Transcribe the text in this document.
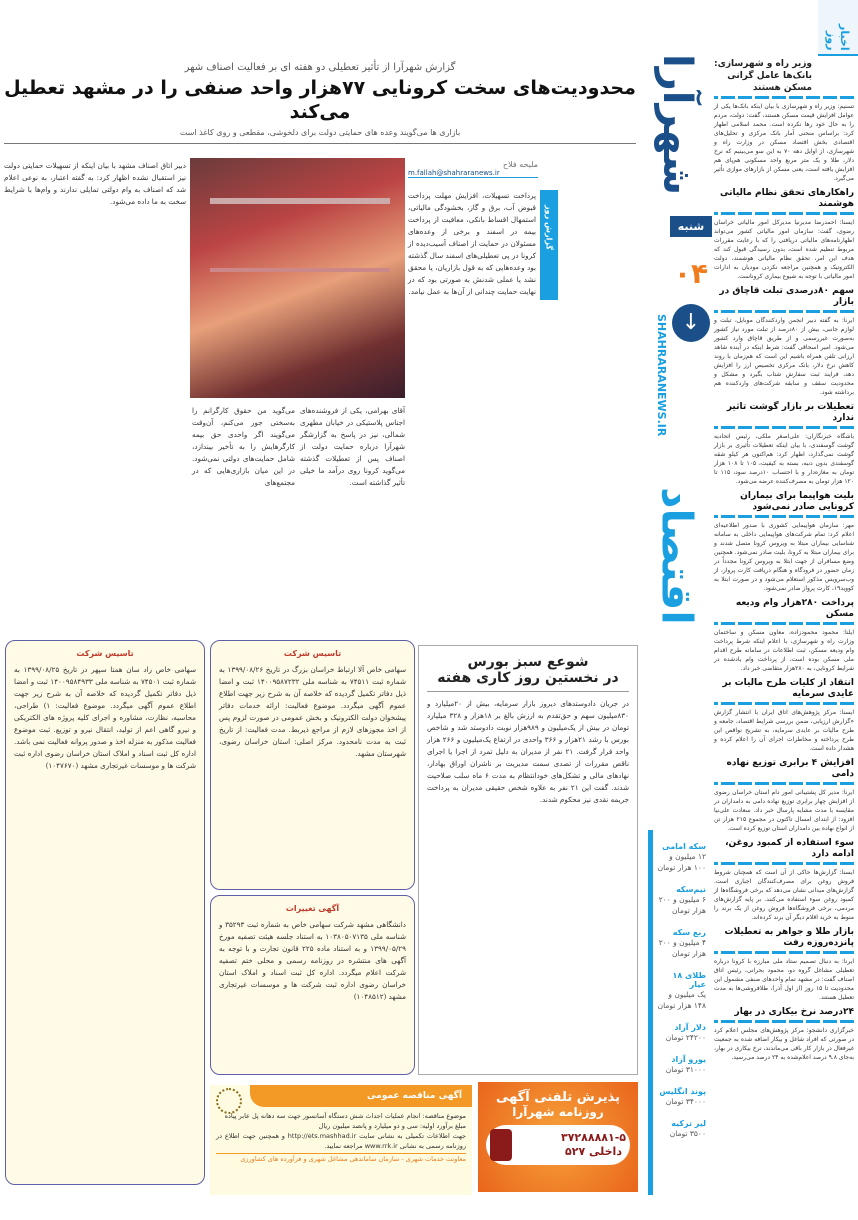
اخبار روز
شهرآرا
شنبه
۰۴
↓
SHAHRARANEWS.IR
اقتصاد
وزیر راه و شهرسازی: بانک‌ها عامل گرانی مسکن هستند
تسنیم: وزیر راه و شهرسازی با بیان اینکه بانک‌ها یکی از عوامل افزایش قیمت مسکن هستند، گفت: دولت، مردم را به حال خود رها نکرده است. محمد اسلامی اظهار کرد: براساس منحنی آمار بانک مرکزی و تحلیل‌های اقتصادی بخش اقتصاد مسکن در وزارت راه و شهرسازی، از اوایل دهه ۷۰ به این سو می‌بینیم که نرخ دلار، طلا و یک متر مربع واحد مسکونی هم‌پای هم افزایش یافته است، یعنی مسکن از بازارهای موازی تأثیر می‌گیرد.
راهکارهای تحقق نظام مالیاتی هوشمند
ایسنا: احمدرضا مدیرنیا مدیرکل امور مالیاتی خراسان رضوی، گفت: سازمان امور مالیاتی کشور می‌تواند اظهارنامه‌های مالیاتی دریافتی را که با رعایت مقررات مربوط تنظیم شده است، بدون رسیدگی قبول کند که هدف این امر، تحقق نظام مالیاتی هوشمند، دولت الکترونیک و همچنین مراجعه نکردن مودیان به ادارات امور مالیاتی با توجه به شیوع بیماری کروناست.
سهم ۸۰درصدی تبلت قاچاق در بازار
ایرنا: به گفته دبیر انجمن واردکنندگان موبایل، تبلت و لوازم جانبی، بیش از ۸۰درصد از تبلت مورد نیاز کشور به‌صورت غیررسمی و از طریق قاچاق وارد کشور می‌شود. امیر اسحاقی گفت: شرط اینکه در آینده شاهد ارزانی تلفن همراه باشیم این است که هم‌زمان با روند کاهش نرخ دلار، بانک مرکزی تخصیص ارز را افزایش دهد، فرایند ثبت سفارش شتاب بگیرد و مشکل و محدودیت سقف و سابقه شرکت‌های واردکننده هم برداشته شود.
تعطیلات بر بازار گوشت تاثیر ندارد
باشگاه خبرنگاران: علی‌اصغر ملکی، رئیس اتحادیه گوشت گوسفندی، با بیان اینکه تعطیلات تأثیری بر بازار گوشت نمی‌گذارد، اظهار کرد: هم‌اکنون هر کیلو شقه گوسفندی بدون دنبه، بسته به کیفیت، ۱۰۵ تا ۱۰۸ هزار تومان به مغازه‌دار و با احتساب ۱۰درصد سود، ۱۱۵ تا ۱۲۰ هزار تومان به مصرف‌کننده عرضه می‌شود.
بلیت هواپیما برای بیماران کرونایی صادر نمی‌شود
مهر: سازمان هواپیمایی کشوری با صدور اطلاعیه‌ای اعلام کرد: تمام شرکت‌های هواپیمایی داخلی به سامانه شناسایی بیماران مبتلا به ویروس کرونا متصل شدند و برای بیماران مبتلا به کرونا، بلیت صادر نمی‌شود. همچنین وضع مسافران از جهت ابتلا به ویروس کرونا مجدداً در زمان حضور در فرودگاه و هنگام دریافت کارت پرواز، از وب‌سرویس مذکور استعلام می‌شود و در صورت ابتلا به کووید۱۹، کارت پرواز صادر نمی‌شود.
پرداخت ۲۸۰هزار وام ودیعه مسکن
ایلنا: محمود محمودزاده، معاون مسکن و ساختمان وزارت راه و شهرسازی، با اعلام اینکه شرط پرداخت وام ودیعه مسکن، ثبت اطلاعات در سامانه طرح اقدام ملی مسکن بوده است، از پرداخت وام یادشده در شرایط کرونایی، به ۲۸۰هزار متقاضی خبر داد.
انتقاد از کلیات طرح مالیات بر عایدی سرمایه
ایسنا: مرکز پژوهش‌های اتاق ایران با انتشار گزارش «گزارش ارزیابی، ضمن بررسی شرایط اقتصاد، جامعه و طرح مالیات بر عایدی سرمایه، به تشریح نواقص این طرح پرداخته و مخاطرات اجرای آن را اعلام کرده و هشدار داده است.
افزایش ۴ برابری توزیع نهاده دامی
ایرنا: مدیر کل پشتیبانی امور دام استان خراسان رضوی از افزایش چهار برابری توزیع نهاده دامی به دامداران در مقایسه با مدت مشابه پارسال خبر داد. سعادت علی‌نیا افزود: از ابتدای امسال تاکنون در مجموع ۲۱۵ هزار تن از انواع نهاده بین دامداران استان توزیع کرده است.
سوء استفاده از کمبود روغن، ادامه دارد
ایسنا: گزارش‌ها حاکی از آن است که همچنان شروط فروش روغن برای مصرف‌کنندگان اجباری است. گزارش‌های میدانی نشان می‌دهد که برخی فروشگاه‌ها از کمبود روغن سوء استفاده می‌کنند. بر پایه گزارش‌های مردمی، برخی فروشگاه‌ها فروش روغن از یک برند را منوط به خرید اقلام دیگر آن برند کرده‌اند.
بازار طلا و جواهر به تعطیلات پانزده‌روزه رفت
ایرنا: به دنبال تصمیم ستاد ملی مبارزه با کرونا درباره تعطیلی مشاغل گروه دو، محمود بحرانی، رئیس اتاق اصناف گفت: در مشهد تمام واحدهای صنفی مشمول این محدودیت تا ۱۵ روز (از اول آذر)، طلافروشی‌ها به مدت تعطیل هستند.
۲۴درصد نرخ بیکاری در بهار
خبرگزاری دانشجو: مرکز پژوهش‌های مجلس اعلام کرد در صورتی که افراد شاغل و بیکار اضافه شده به جمعیت غیرفعال در بازار کار باقی می‌ماندند، نرخ بیکاری در بهار، به‌جای ۹.۸ درصد اعلام‌شده به ۲۴ درصد می‌رسید.
سکه امامی
۱۲ میلیون و ۱۰۰ هزار تومان
نیم‌سکه
۶ میلیون و ۲۰۰ هزار تومان
ربع سکه
۴ میلیون و ۲۰۰ هزار تومان
طلای ۱۸ عیار
یک میلیون و ۱۴۸ هزار تومان
دلار آزاد
۲۴۲۰۰ تومان
یورو آزاد
۳۱۰۰۰ تومان
پوند انگلیس
۳۴۰۰۰ تومان
لیر ترکیه
۳۵۰۰ تومان
گزارش شهرآرا از تأثیر تعطیلی دو هفته ای بر فعالیت اصناف شهر
محدودیت‌های سخت کرونایی ۷۷هزار واحد صنفی را در مشهد تعطیل می‌کند
بازاری ها می‌گویند وعده های حمایتی دولت برای دلخوشی، مقطعی و روی کاغذ است
ملیحه فلاح
m.fallah@shahraranews.ir
گزارش روز
پرداخت تسهیلات، افزایش مهلت پرداخت قبوض آب، برق و گاز، بخشودگی مالیاتی، استمهال اقساط بانکی، معافیت از پرداخت بیمه در اسفند و برخی از وعده‌های مسئولان در حمایت از اصناف آسیب‌دیده از کرونا در پی تعطیلی‌های اسفند سال گذشته بود وعده‌هایی که به قول بازاریان، یا محقق نشد یا عملی شدنش به صورتی بود که در نهایت حمایت چندانی از آن‌ها به عمل نیامد.
آقای بهرامی، یکی از فروشنده‌های اجناس پلاستیکی در خیابان مطهری شمالی، نیز در پاسخ به گزارشگر شهرآرا درباره حمایت دولت از اصناف پس از تعطیلات گذشته می‌گوید کرونا روی درآمد ما خیلی تأثیر گذاشته است.
می‌گوید من حقوق کارگرانم را به‌سختی جور می‌کنم، آن‌وقت می‌گویند اگر واحدی حق بیمه کارگرهایش را به تأخیر بیندازد، شامل حمایت‌های دولتی نمی‌شود. در این میان بازاری‌هایی که در مجتمع‌های
دبیر اتاق اصناف مشهد با بیان اینکه از تسهیلات حمایتی دولت نیز استقبال نشده اظهار کرد: به گفته اعتبار، به نوعی اعلام شد که اصناف به وام دولتی تمایلی ندارند و وام‌ها با شرایط سخت به ما داده می‌شود.
شوعع سبز بورس
در نخستین روز کاری هفته
در جریان دادوستدهای دیروز بازار سرمایه، بیش از ۲۰میلیارد و ۸۳۰میلیون سهم و حق‌تقدم به ارزش بالغ بر ۱۸هزار و ۳۲۸ میلیارد تومان در بیش از یک‌میلیون و ۹۸۹هزار نوبت دادوستد شد و شاخص بورس با رشد ۲۱هزار و ۳۶۶ واحدی در ارتفاع یک‌میلیون و ۲۶۶ هزار واحد قرار گرفت. ۲۱ نفر از مدیران به دلیل تمرد از اجرا یا اجرای ناقص مقررات از تصدی سمت مدیریت بر ناشران اوراق بهادار، نهادهای مالی و تشکل‌های خودانتظام به مدت ۶ ماه سلب صلاحیت شدند. گفت این ۲۱ نفر به علاوه شخص حقیقی مدیران به پرداخت جریمه نقدی نیز محکوم شدند.
تاسیس شرکت
سهامی خاص آلا ارتباط خراسان بزرگ در تاریخ ۱۳۹۹/۰۸/۲۶ به شماره ثبت ۷۴۵۱۱ به شناسه ملی ۱۴۰۰۹۵۸۷۲۳۲ ثبت و امضا ذیل دفاتر تکمیل گردیده که خلاصه آن به شرح زیر جهت اطلاع عموم آگهی میگردد. موضوع فعالیت: ارائه خدمات دفاتر پیشخوان دولت الکترونیک و بخش عمومی در صورت لزوم پس از اخذ مجوزهای لازم از مراجع ذیربط. مدت فعالیت: از تاریخ ثبت به مدت نامحدود. مرکز اصلی: استان خراسان رضوی، شهرستان مشهد.
آگهی تغییرات
دانشگاهی مشهد شرکت سهامی خاص به شماره ثبت ۳۵۲۹۳ و شناسه ملی ۱۰۳۸۰۵۰۷۱۳۵ به استناد جلسه هیئت تصفیه مورخ ۱۳۹۹/۰۵/۲۹ و به استناد ماده ۲۲۵ قانون تجارت و با توجه به آگهی های منتشره در روزنامه رسمی و محلی ختم تصفیه شرکت اعلام میگردد. اداره کل ثبت اسناد و املاک استان خراسان رضوی اداره ثبت شرکت ها و موسسات غیرتجاری مشهد (۱۰۴۸۵۱۲)
تاسیس شرکت
سهامی خاص راد سان همتا سپهر در تاریخ ۱۳۹۹/۰۸/۲۵ به شماره ثبت ۷۴۵۰۱ به شناسه ملی ۱۴۰۰۹۵۸۴۹۳۳ ثبت و امضا ذیل دفاتر تکمیل گردیده که خلاصه آن به شرح زیر جهت اطلاع عموم آگهی میگردد. موضوع فعالیت: ۱) طراحی، محاسبه، نظارت، مشاوره و اجرای کلیه پروژه های الکتریکی و نیرو گاهی اعم از تولید، انتقال نیرو و توزیع. ثبت موضوع فعالیت مذکور به منزله اخذ و صدور پروانه فعالیت نمی باشد. اداره کل ثبت اسناد و املاک استان خراسان رضوی اداره ثبت شرکت ها و موسسات غیرتجاری مشهد (۱۰۴۷۶۷۰)
آگهی مناقصه عمومی
موضوع مناقصه: انجام عملیات احداث شش دستگاه آسانسور جهت سه دهانه پل عابر پیاده
مبلغ برآورد اولیه: سی و دو میلیارد و پانصد میلیون ریال
جهت اطلاعات تکمیلی به نشانی سایت http://ets.mashhad.ir و همچنین جهت اطلاع در روزنامه رسمی به نشانی www.rrk.ir مراجعه نمایید.
معاونت خدمات شهری - سازمان ساماندهی مشاغل شهری و فرآورده های کشاورزی
پذیرش تلفنی آگهی
روزنامه شهرآرا
۳۷۲۸۸۸۸۱-۵
داخلی ۵۲۷
